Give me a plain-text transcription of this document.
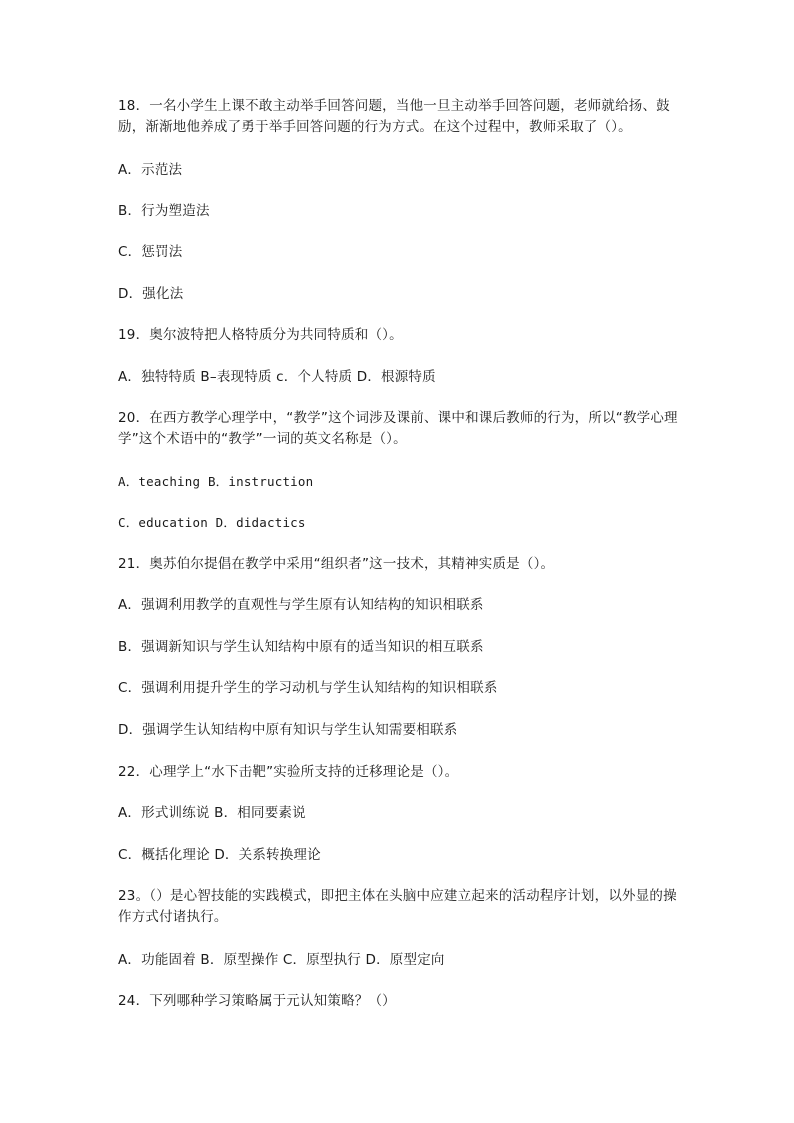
18．一名小学生上课不敢主动举手回答问题，当他一旦主动举手回答问题，老师就给扬、鼓励，渐渐地他养成了勇于举手回答问题的行为方式。在这个过程中，教师采取了（）。
A．示范法
B．行为塑造法
C．惩罚法
D．强化法
19．奥尔波特把人格特质分为共同特质和（）。
A．独特特质 B–表现特质 c．个人特质 D．根源特质
20．在西方教学心理学中，“教学”这个词涉及课前、课中和课后教师的行为，所以“教学心理学”这个术语中的“教学”一词的英文名称是（）。
A．teaching B．instruction
C．education D．didactics
21．奥苏伯尔提倡在教学中采用“组织者”这一技术，其精神实质是（）。
A．强调利用教学的直观性与学生原有认知结构的知识相联系
B．强调新知识与学生认知结构中原有的适当知识的相互联系
C．强调利用提升学生的学习动机与学生认知结构的知识相联系
D．强调学生认知结构中原有知识与学生认知需要相联系
22．心理学上“水下击靶”实验所支持的迁移理论是（）。
A．形式训练说 B．相同要素说
C．概括化理论 D．关系转换理论
23。（）是心智技能的实践模式，即把主体在头脑中应建立起来的活动程序计划，以外显的操作方式付诸执行。
A．功能固着 B．原型操作 C．原型执行 D．原型定向
24．下列哪种学习策略属于元认知策略？（）
